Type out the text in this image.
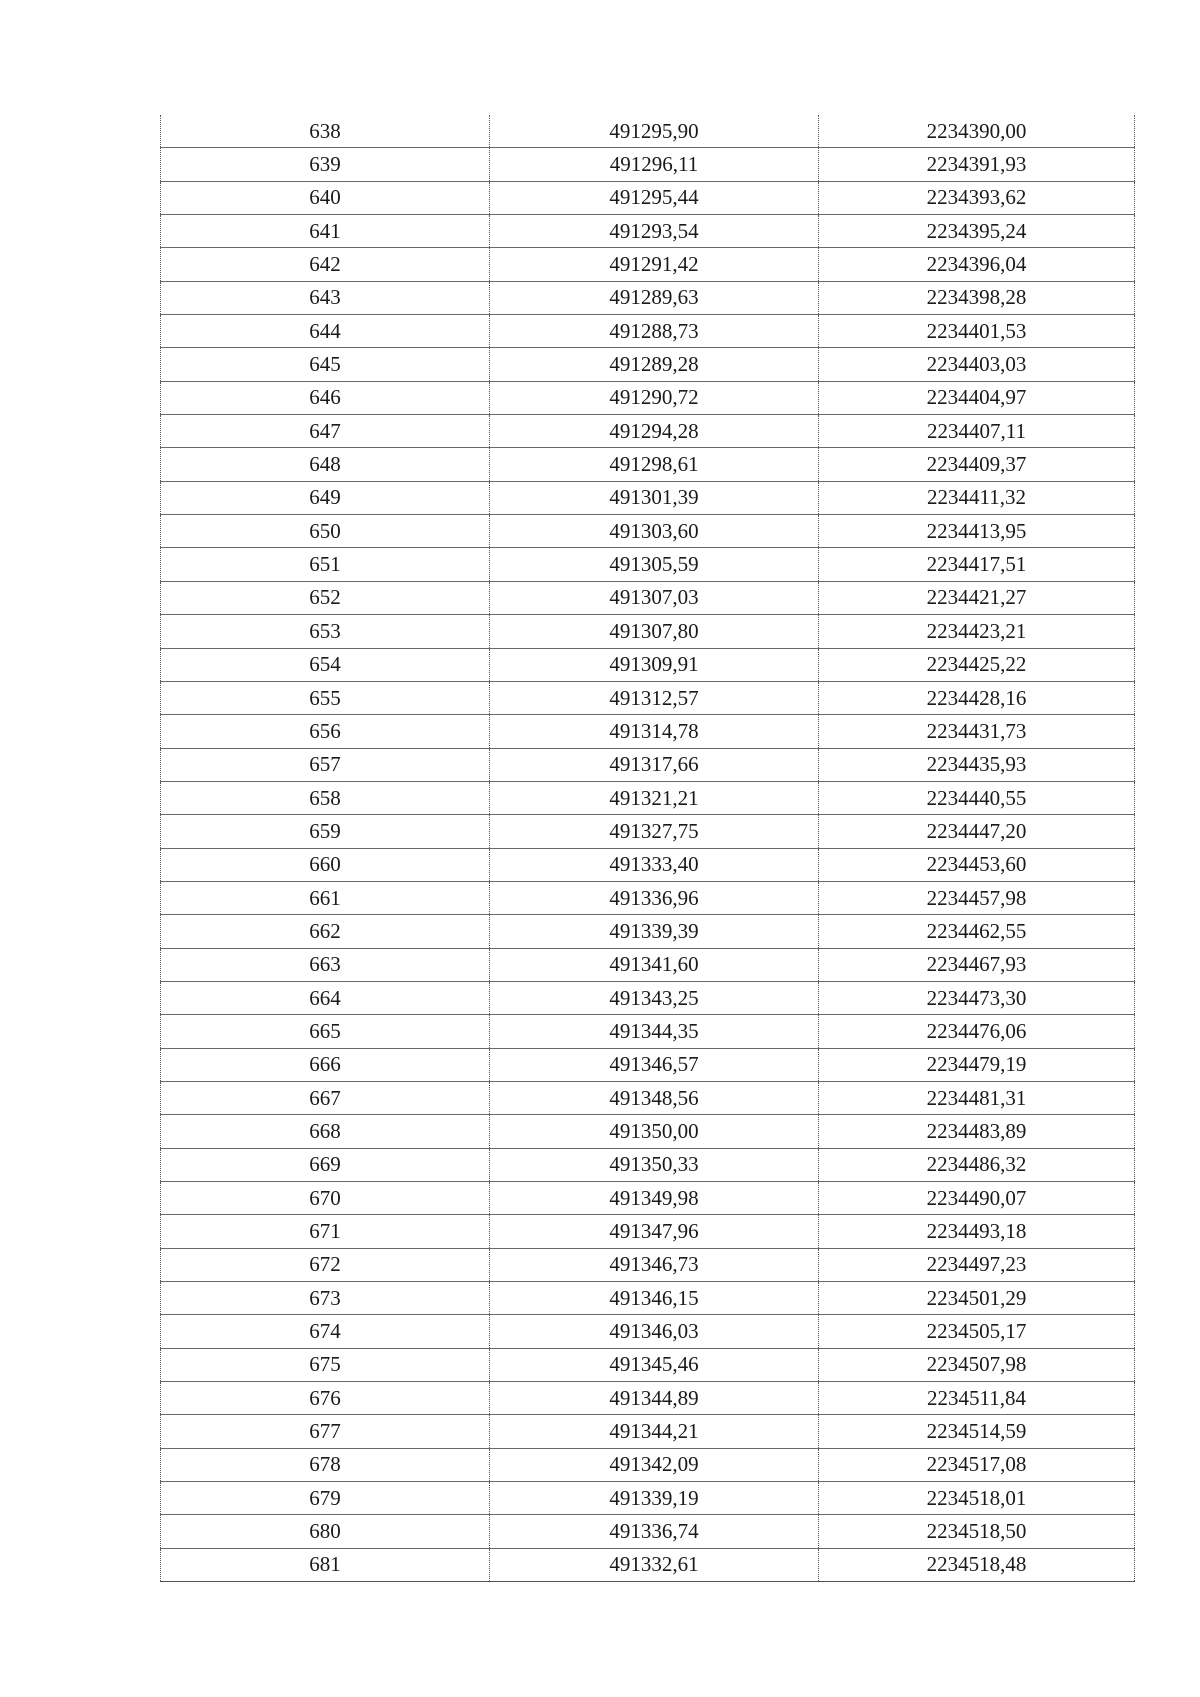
638	491295,90	2234390,00
639	491296,11	2234391,93
640	491295,44	2234393,62
641	491293,54	2234395,24
642	491291,42	2234396,04
643	491289,63	2234398,28
644	491288,73	2234401,53
645	491289,28	2234403,03
646	491290,72	2234404,97
647	491294,28	2234407,11
648	491298,61	2234409,37
649	491301,39	2234411,32
650	491303,60	2234413,95
651	491305,59	2234417,51
652	491307,03	2234421,27
653	491307,80	2234423,21
654	491309,91	2234425,22
655	491312,57	2234428,16
656	491314,78	2234431,73
657	491317,66	2234435,93
658	491321,21	2234440,55
659	491327,75	2234447,20
660	491333,40	2234453,60
661	491336,96	2234457,98
662	491339,39	2234462,55
663	491341,60	2234467,93
664	491343,25	2234473,30
665	491344,35	2234476,06
666	491346,57	2234479,19
667	491348,56	2234481,31
668	491350,00	2234483,89
669	491350,33	2234486,32
670	491349,98	2234490,07
671	491347,96	2234493,18
672	491346,73	2234497,23
673	491346,15	2234501,29
674	491346,03	2234505,17
675	491345,46	2234507,98
676	491344,89	2234511,84
677	491344,21	2234514,59
678	491342,09	2234517,08
679	491339,19	2234518,01
680	491336,74	2234518,50
681	491332,61	2234518,48
